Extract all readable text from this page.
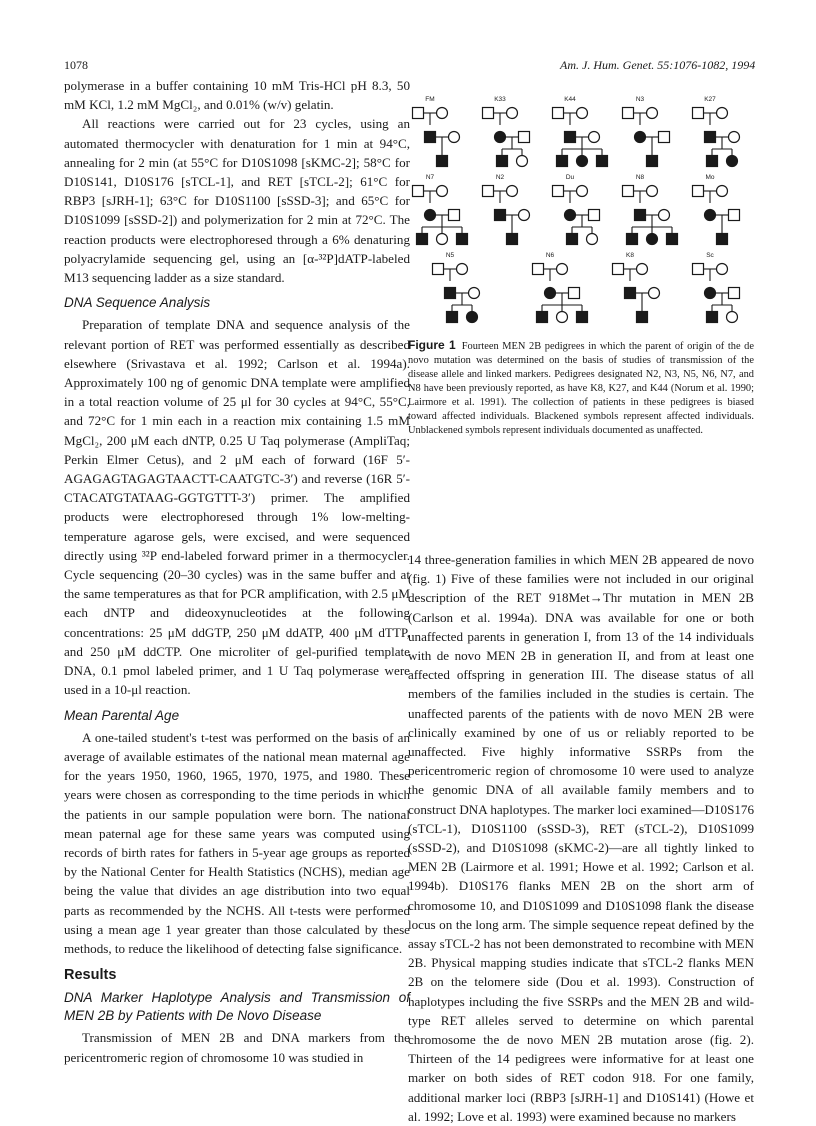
1078	Am. J. Hum. Genet. 55:1076-1082, 1994

polymerase in a buffer containing 10 mM Tris-HCl pH 8.3, 50 mM KCl, 1.2 mM MgCl₂, and 0.01% (w/v) gelatin.

All reactions were carried out for 23 cycles, using an automated thermocycler with denaturation for 1 min at 94°C, annealing for 2 min (at 55°C for D10S1098 [sKMC-2]; 58°C for D10S141, D10S176 [sTCL-1], and RET [sTCL-2]; 61°C for RBP3 [sJRH-1]; 63°C for D10S1100 [sSSD-3]; and 65°C for D10S1099 [sSSD-2]) and polymerization for 2 min at 72°C. The reaction products were electrophoresed through a 6% denaturing polyacrylamide sequencing gel, using an [α-³²P]dATP-labeled M13 sequencing ladder as a size standard.

DNA Sequence Analysis

Preparation of template DNA and sequence analysis of the relevant portion of RET was performed essentially as described elsewhere (Srivastava et al. 1992; Carlson et al. 1994a). Approximately 100 ng of genomic DNA template were amplified in a total reaction volume of 25 μl for 30 cycles at 94°C, 55°C, and 72°C for 1 min each in a reaction mix containing 1.5 mM MgCl₂, 200 μM each dNTP, 0.25 U Taq polymerase (AmpliTaq; Perkin Elmer Cetus), and 2 μM each of forward (16F 5′-AGAGAGTAGAGTAACTT-CAATGTC-3′) and reverse (16R 5′-CTACATGTATAAG-GGTGTTT-3′) primer. The amplified products were electrophoresed through 1% low-melting-temperature agarose gels, were excised, and were sequenced directly using ³²P end-labeled forward primer in a thermocycler. Cycle sequencing (20–30 cycles) was in the same buffer and at the same temperatures as that for PCR amplification, with 2.5 μM each dNTP and dideoxynucleotides at the following concentrations: 25 μM ddGTP, 250 μM ddATP, 400 μM dTTP, and 250 μM ddCTP. One microliter of gel-purified template DNA, 0.1 pmol labeled primer, and 1 U Taq polymerase were used in a 10-μl reaction.

Mean Parental Age

A one-tailed student's t-test was performed on the basis of an average of available estimates of the national mean maternal age for the years 1950, 1960, 1965, 1970, 1975, and 1980. These years were chosen as corresponding to the time periods in which the patients in our sample population were born. The national mean paternal age for these same years was computed using records of birth rates for fathers in 5-year age groups as reported by the National Center for Health Statistics (NCHS), median age being the value that divides an age distribution into two equal parts as recommended by the NCHS. All t-tests were performed using a mean age 1 year greater than those calculated by these methods, to reduce the likelihood of detecting false significance.

Results
DNA Marker Haplotype Analysis and Transmission of MEN 2B by Patients with De Novo Disease

Transmission of MEN 2B and DNA markers from the pericentromeric region of chromosome 10 was studied in

FM	K33	K44	N3	K27
N7	N2	Du	N8	Mo
N5	N6	K8	Sc
Figure 1 Fourteen MEN 2B pedigrees in which the parent of origin of the de novo mutation was determined on the basis of studies of transmission of the disease allele and linked markers. Pedigrees designated N2, N3, N5, N6, N7, and N8 have been previously reported, as have K8, K27, and K44 (Norum et al. 1990; Lairmore et al. 1991). The collection of patients in these pedigrees is biased toward affected individuals. Blackened symbols represent affected individuals. Unblackened symbols represent individuals documented as unaffected.

14 three-generation families in which MEN 2B appeared de novo (fig. 1) Five of these families were not included in our original description of the RET 918Met→Thr mutation in MEN 2B (Carlson et al. 1994a). DNA was available for one or both unaffected parents in generation I, from 13 of the 14 individuals with de novo MEN 2B in generation II, and from at least one affected offspring in generation III. The disease status of all members of the families included in the studies is certain. The unaffected parents of the patients with de novo MEN 2B were clinically examined by one of us or reliably reported to be unaffected. Five highly informative SSRPs from the pericentromeric region of chromosome 10 were used to analyze the genomic DNA of all available family members and to construct DNA haplotypes. The marker loci examined—D10S176 (sTCL-1), D10S1100 (sSSD-3), RET (sTCL-2), D10S1099 (sSSD-2), and D10S1098 (sKMC-2)—are all tightly linked to MEN 2B (Lairmore et al. 1991; Howe et al. 1992; Carlson et al. 1994b). D10S176 flanks MEN 2B on the short arm of chromosome 10, and D10S1099 and D10S1098 flank the disease locus on the long arm. The simple sequence repeat defined by the assay sTCL-2 has not been demonstrated to recombine with MEN 2B. Physical mapping studies indicate that sTCL-2 flanks MEN 2B on the telomere side (Dou et al. 1993). Construction of haplotypes including the five SSRPs and the MEN 2B and wild-type RET alleles served to determine on which parental chromosome the de novo MEN 2B mutation arose (fig. 2). Thirteen of the 14 pedigrees were informative for at least one marker on both sides of RET codon 918. For one family, additional marker loci (RBP3 [sJRH-1] and D10S141) (Howe et al. 1992; Love et al. 1993) were examined because no markers
